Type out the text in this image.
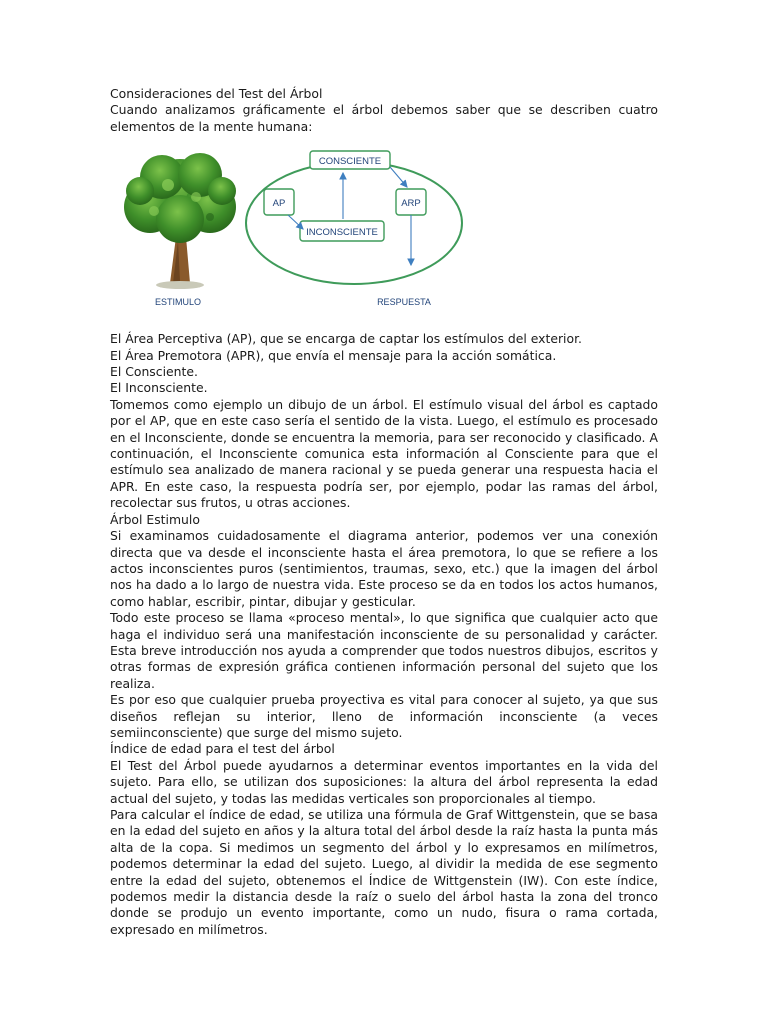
Consideraciones del Test del Árbol

Cuando analizamos gráficamente el árbol debemos saber que se describen cuatro elementos de la mente humana:

CONSCIENTE
AP	ARP
INCONSCIENTE
ESTIMULO	RESPUESTA

El Área Perceptiva (AP), que se encarga de captar los estímulos del exterior.

El Área Premotora (APR), que envía el mensaje para la acción somática.

El Consciente.

El Inconsciente.

Tomemos como ejemplo un dibujo de un árbol. El estímulo visual del árbol es captado por el AP, que en este caso sería el sentido de la vista. Luego, el estímulo es procesado en el Inconsciente, donde se encuentra la memoria, para ser reconocido y clasificado. A continuación, el Inconsciente comunica esta información al Consciente para que el estímulo sea analizado de manera racional y se pueda generar una respuesta hacia el APR. En este caso, la respuesta podría ser, por ejemplo, podar las ramas del árbol, recolectar sus frutos, u otras acciones.

Árbol Estimulo

Si examinamos cuidadosamente el diagrama anterior, podemos ver una conexión directa que va desde el inconsciente hasta el área premotora, lo que se refiere a los actos inconscientes puros (sentimientos, traumas, sexo, etc.) que la imagen del árbol nos ha dado a lo largo de nuestra vida. Este proceso se da en todos los actos humanos, como hablar, escribir, pintar, dibujar y gesticular.

Todo este proceso se llama «proceso mental», lo que significa que cualquier acto que haga el individuo será una manifestación inconsciente de su personalidad y carácter. Esta breve introducción nos ayuda a comprender que todos nuestros dibujos, escritos y otras formas de expresión gráfica contienen información personal del sujeto que los realiza.

Es por eso que cualquier prueba proyectiva es vital para conocer al sujeto, ya que sus diseños reflejan su interior, lleno de información inconsciente (a veces semiinconsciente) que surge del mismo sujeto.

Índice de edad para el test del árbol

El Test del Árbol puede ayudarnos a determinar eventos importantes en la vida del sujeto. Para ello, se utilizan dos suposiciones: la altura del árbol representa la edad actual del sujeto, y todas las medidas verticales son proporcionales al tiempo.

Para calcular el índice de edad, se utiliza una fórmula de Graf Wittgenstein, que se basa en la edad del sujeto en años y la altura total del árbol desde la raíz hasta la punta más alta de la copa. Si medimos un segmento del árbol y lo expresamos en milímetros, podemos determinar la edad del sujeto. Luego, al dividir la medida de ese segmento entre la edad del sujeto, obtenemos el Índice de Wittgenstein (IW). Con este índice, podemos medir la distancia desde la raíz o suelo del árbol hasta la zona del tronco donde se produjo un evento importante, como un nudo, fisura o rama cortada, expresado en milímetros.
